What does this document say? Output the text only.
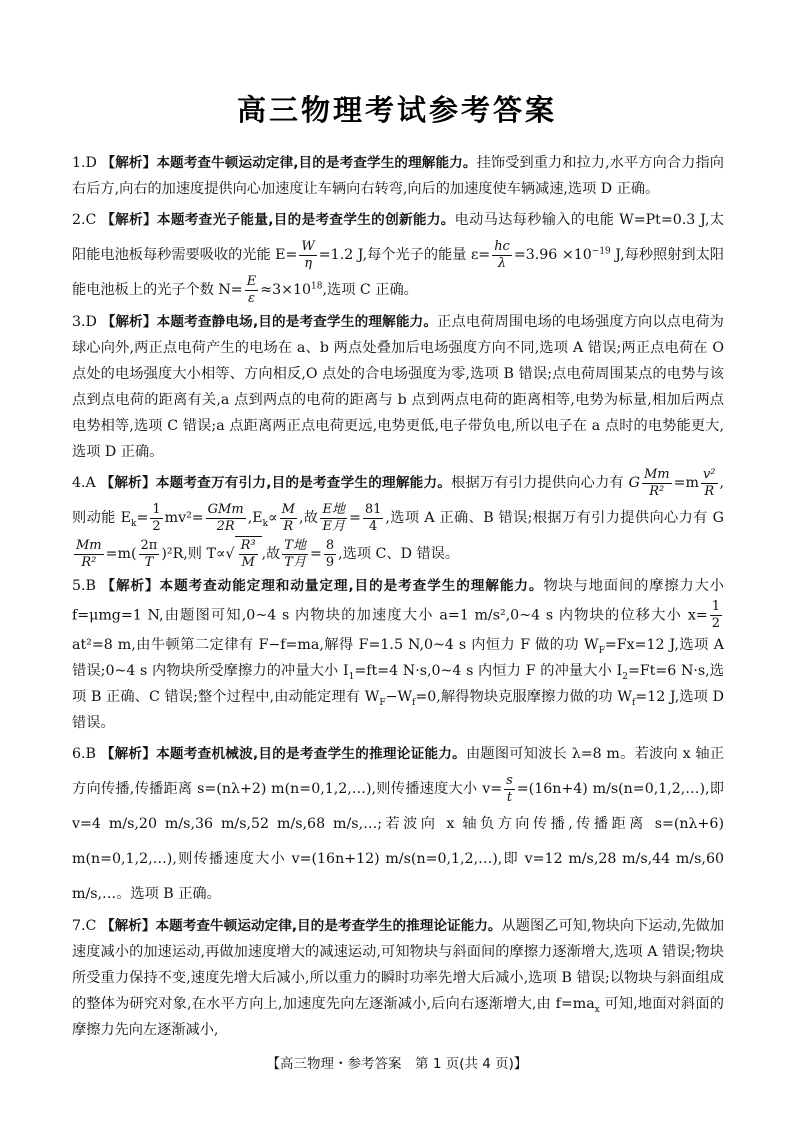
高三物理考试参考答案

1.D 【解析】本题考查牛顿运动定律,目的是考查学生的理解能力。挂饰受到重力和拉力,水平方向合力指向右后方,向右的加速度提供向心加速度让车辆向右转弯,向后的加速度使车辆减速,选项 D 正确。

2.C 【解析】本题考查光子能量,目的是考查学生的创新能力。电动马达每秒输入的电能 W=Pt=0.3 J,太阳能电池板每秒需要吸收的光能 $E= \frac{W}{\eta} =1.2$ J,每个光子的能量 $\varepsilon= \frac{hc}{\lambda} =3.96 \times 10^{-19}$ J,每秒照射到太阳能电池板上的光子个数 $N= \frac{E}{\varepsilon} \approx 3\times 10^{18}$,选项 C 正确。

3.D 【解析】本题考查静电场,目的是考查学生的理解能力。正点电荷周围电场的电场强度方向以点电荷为球心向外,两正点电荷产生的电场在 a、b 两点处叠加后电场强度方向不同,选项 A 错误;两正点电荷在 O 点处的电场强度大小相等、方向相反,O 点处的合电场强度为零,选项 B 错误;点电荷周围某点的电势与该点到点电荷的距离有关,a 点到两点的电荷的距离与 b 点到两点电荷的距离相等,电势为标量,相加后两点电势相等,选项 C 错误;a 点距离两正点电荷更远,电势更低,电子带负电,所以电子在 a 点时的电势能更大,选项 D 正确。

4.A 【解析】本题考查万有引力,目的是考查学生的理解能力。根据万有引力提供向心力有 G $\frac{Mm}{\text{R²}} =m \frac{\text{v²}}{R}$ ,则动能 $E_k= \frac{1}{2} mv^2= \frac{\text{GMm}}{2R} ,E_k\propto \frac{M}{R}$ ,故 $\frac{\text{E地}}{\text{E月}} = \frac{81}{4}$ ,选项 A 正确、B 错误;根据万有引力提供向心力有 G
$\frac{Mm}{\text{R²}} =m( \frac{2\pi}{T} )^2R$,则 $T\propto√ \frac{\text{R³}}{M}$ ,故 $\frac{\text{T地}}{\text{T月}} = \frac{8}{9}$ ,选项 C、D 错误。

5.B 【解析】本题考查动能定理和动量定理,目的是考查学生的理解能力。物块与地面间的摩擦力大小 f=μmg=1 N,由题图可知,0~4 s 内物块的加速度大小 a=1 m/s²,0~4 s 内物块的位移大小 $x= \frac{1}{2}$
at²=8 m,由牛顿第二定律有 F−f=ma,解得 F=1.5 N,0~4 s 内恒力 F 做的功 $W_F=Fx=12$ J,选项 A 错误;0~4 s 内物块所受摩擦力的冲量大小 $I_1=ft=4$ N·s,0~4 s 内恒力 F 的冲量大小 $I_2=Ft=6$ N·s,选项 B 正确、C 错误;整个过程中,由动能定理有 $W_F-W_f=0$,解得物块克服摩擦力做的功 $W_f=12$ J,选项 D 错误。

6.B 【解析】本题考查机械波,目的是考查学生的推理论证能力。由题图可知波长 λ=8 m。若波向 x 轴正方向传播,传播距离 s=(nλ+2) m(n=0,1,2,…),则传播速度大小 $v= \frac{s}{t} =(16n+4)$ m/s(n=0,1,2,…),即 v=4 m/s,20 m/s,36 m/s,52 m/s,68 m/s,…;若波向 x 轴负方向传播,传播距离 s=(nλ+6) m(n=0,1,2,…),则传播速度大小 v=(16n+12) m/s(n=0,1,2,…),即 v=12 m/s,28 m/s,44 m/s,60 m/s,…。选项 B 正确。

7.C 【解析】本题考查牛顿运动定律,目的是考查学生的推理论证能力。从题图乙可知,物块向下运动,先做加速度减小的加速运动,再做加速度增大的减速运动,可知物块与斜面间的摩擦力逐渐增大,选项 A 错误;物块所受重力保持不变,速度先增大后减小,所以重力的瞬时功率先增大后减小,选项 B 错误;以物块与斜面组成的整体为研究对象,在水平方向上,加速度先向左逐渐减小,后向右逐渐增大,由 $f=ma_x$ 可知,地面对斜面的摩擦力先向左逐渐减小,

【高三物理・参考答案　第 1 页(共 4 页)】
